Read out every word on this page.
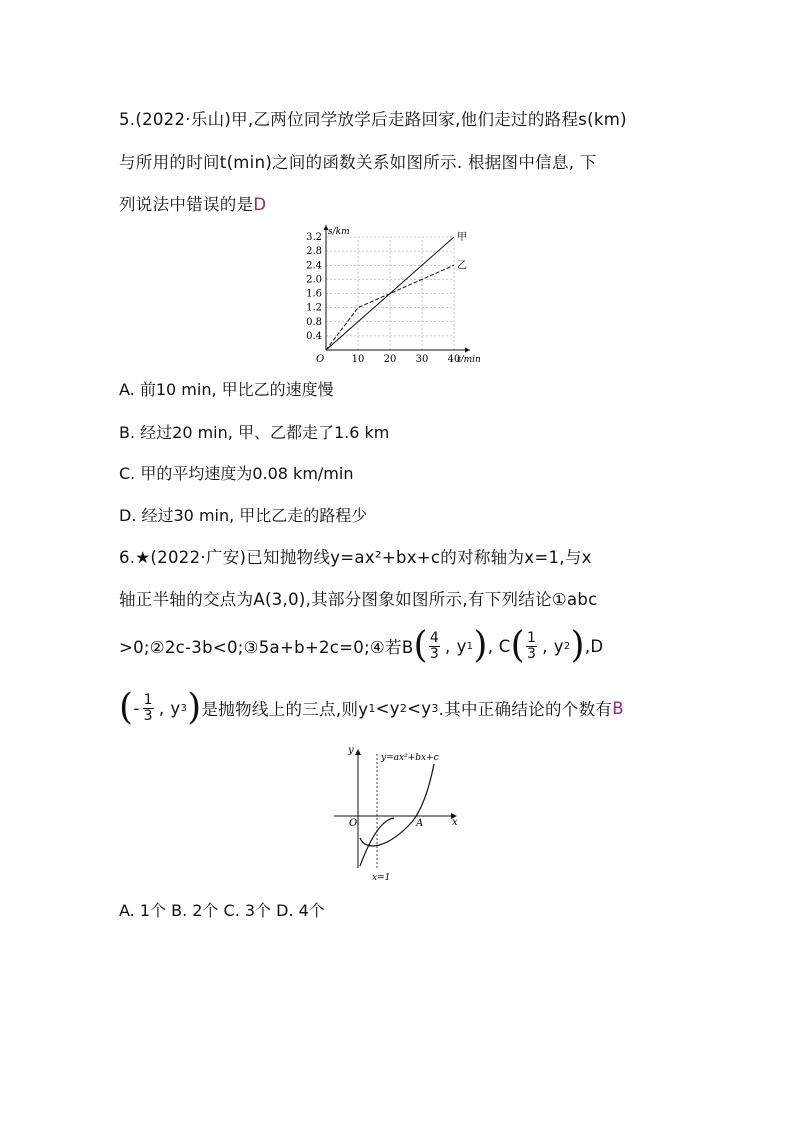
5.(2022·乐山)甲,乙两位同学放学后走路回家,他们走过的路程s(km)
与所用的时间t(min)之间的函数关系如图所示. 根据图中信息, 下
列说法中错误的是D
0.4
0.8
1.2
1.6
2.0
2.4
2.8
3.2
10 20 30 40
O
s/km
t/min
甲
乙
A. 前10 min, 甲比乙的速度慢
B. 经过20 min, 甲、乙都走了1.6 km
C. 甲的平均速度为0.08 km/min
D. 经过30 min, 甲比乙走的路程少
6.★(2022·广安)已知抛物线y=ax²+bx+c的对称轴为x=1,与x
轴正半轴的交点为A(3,0),其部分图象如图所示,有下列结论①abc
>0;②2c-3b<0;③5a+b+2c=0;④若B ( $\frac{4}{3}$ , y 1 ) , C ( $\frac{1}{3}$ , y 2 ) ,D
( - $\frac{1}{3}$ , y 3 ) 是抛物线上的三点,则y 1 <y 2 <y 3 .其中正确结论的个数有 B
y=ax²+bx+c
y
x
O	A
x=1
A. 1个 B. 2个 C. 3个 D. 4个
